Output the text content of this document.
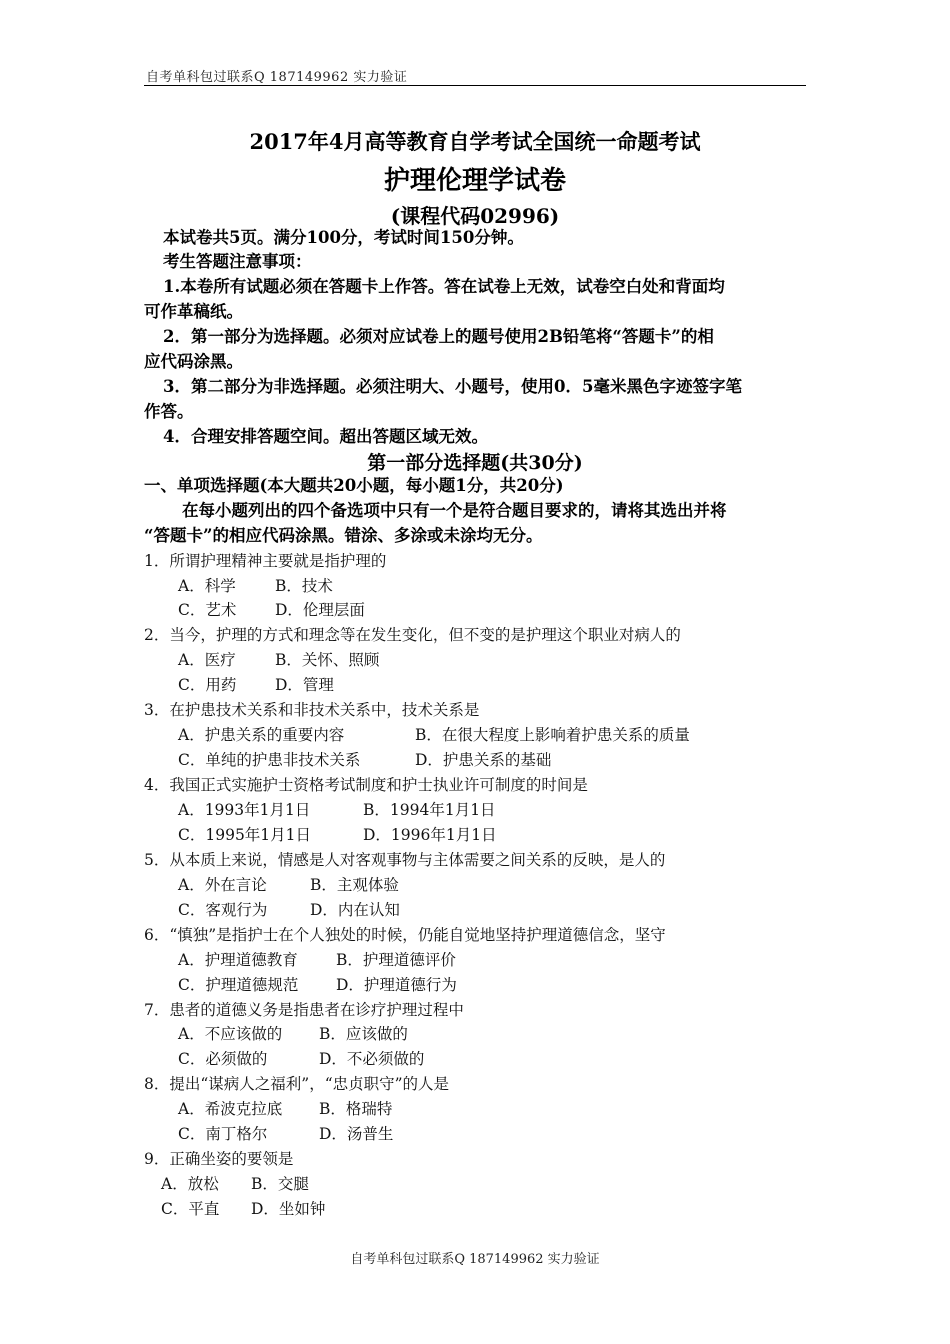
自考单科包过联系Q 187149962 实力验证
2017年4月高等教育自学考试全国统一命题考试
护理伦理学试卷
(课程代码02996)
本试卷共5页。满分100分，考试时间150分钟。
考生答题注意事项：
1.本卷所有试题必须在答题卡上作答。答在试卷上无效，试卷空白处和背面均
可作革稿纸。
2．第一部分为选择题。必须对应试卷上的题号使用2B铅笔将“答题卡”的相
应代码涂黑。
3．第二部分为非选择题。必须注明大、小题号，使用0．5毫米黑色字迹签字笔
作答。
4．合理安排答题空间。超出答题区域无效。
第一部分选择题(共30分)
一、单项选择题(本大题共20小题，每小题1分，共20分)
在每小题列出的四个备选项中只有一个是符合题目要求的，请将其选出并将
“答题卡”的相应代码涂黑。错涂、多涂或未涂均无分。
1．所谓护理精神主要就是指护理的
A．科学	B．技术
C．艺术 D．伦理层面
2．当今，护理的方式和理念等在发生变化，但不变的是护理这个职业对病人的
A．医疗	B．关怀、照顾
C．用药 D．管理
3．在护患技术关系和非技术关系中，技术关系是
A．护患关系的重要内容	B．在很大程度上影响着护患关系的质量
C．单纯的护患非技术关系	D．护患关系的基础
4．我国正式实施护士资格考试制度和护士执业许可制度的时间是
A．1993年1月1日	B．1994年1月1日
C．1995年1月1日	D．1996年1月1日
5．从本质上来说，情感是人对客观事物与主体需要之间关系的反映，是人的
A．外在言论	B．主观体验
C．客观行为	D．内在认知
6．“慎独”是指护士在个人独处的时候，仍能自觉地坚持护理道德信念，坚守
A．护理道德教育 B．护理道德评价
C．护理道德规范 D．护理道德行为
7．患者的道德义务是指患者在诊疗护理过程中
A．不应该做的 B．应该做的
C．必须做的	D．不必须做的
8．提出“谋病人之福利”，“忠贞职守”的人是
A．希波克拉底 B．格瑞特
C．南丁格尔	D．汤普生
9．正确坐姿的要领是
A．放松 B．交腿
C．平直 D．坐如钟
自考单科包过联系Q 187149962 实力验证
